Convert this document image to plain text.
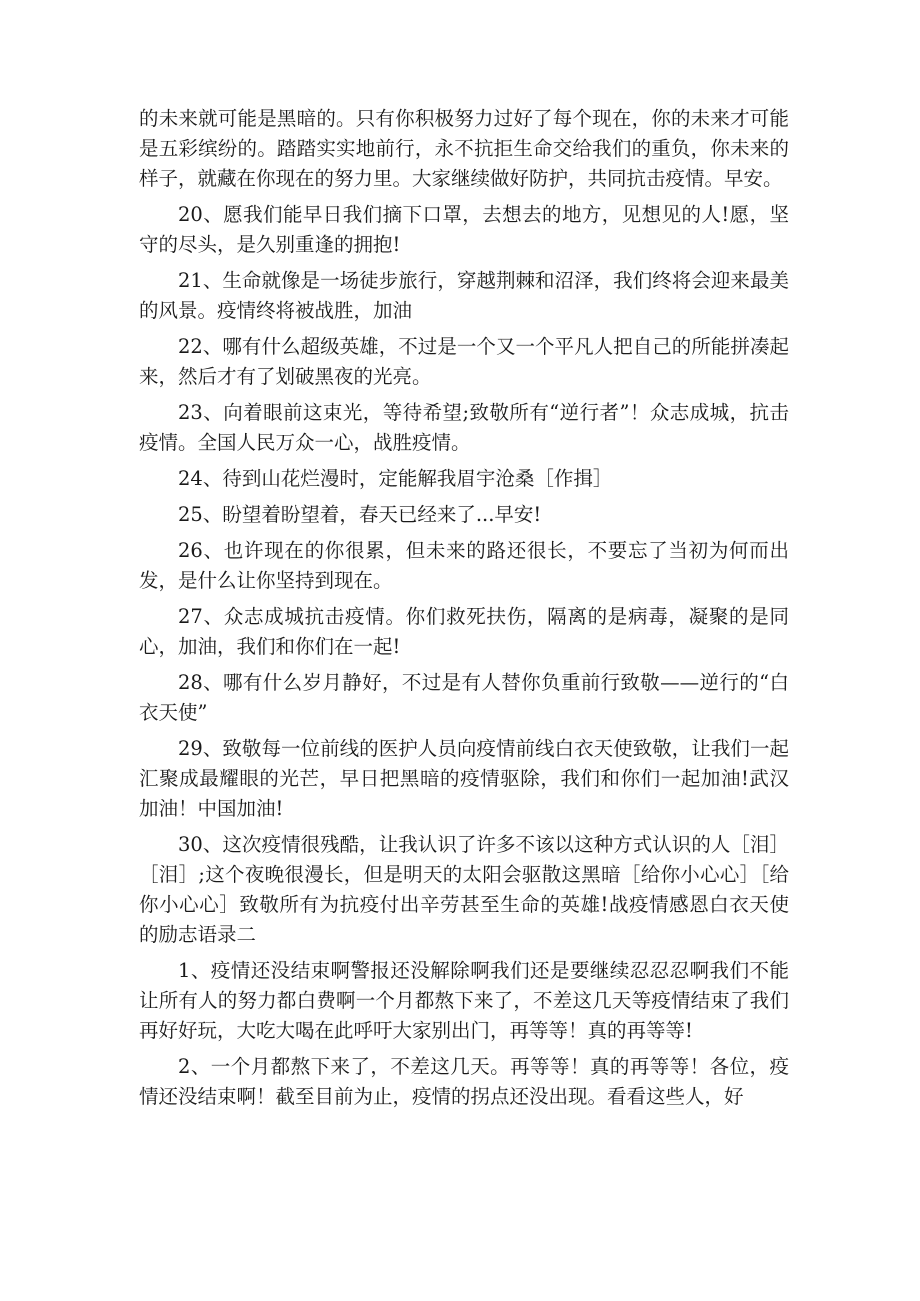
的未来就可能是黑暗的。只有你积极努力过好了每个现在，你的未来才可能是五彩缤纷的。踏踏实实地前行，永不抗拒生命交给我们的重负，你未来的样子，就藏在你现在的努力里。大家继续做好防护，共同抗击疫情。早安。

20、愿我们能早日我们摘下口罩，去想去的地方，见想见的人!愿，坚守的尽头，是久别重逢的拥抱!

21、生命就像是一场徒步旅行，穿越荆棘和沼泽，我们终将会迎来最美的风景。疫情终将被战胜，加油

22、哪有什么超级英雄，不过是一个又一个平凡人把自己的所能拼凑起来，然后才有了划破黑夜的光亮。

23、向着眼前这束光，等待希望;致敬所有“逆行者”！众志成城，抗击疫情。全国人民万众一心，战胜疫情。

24、待到山花烂漫时，定能解我眉宇沧桑［作揖］

25、盼望着盼望着，春天已经来了...早安!

26、也许现在的你很累，但未来的路还很长，不要忘了当初为何而出发，是什么让你坚持到现在。

27、众志成城抗击疫情。你们救死扶伤，隔离的是病毒，凝聚的是同心，加油，我们和你们在一起!

28、哪有什么岁月静好，不过是有人替你负重前行致敬——逆行的“白衣天使”

29、致敬每一位前线的医护人员向疫情前线白衣天使致敬，让我们一起汇聚成最耀眼的光芒，早日把黑暗的疫情驱除，我们和你们一起加油!武汉加油！中国加油!

30、这次疫情很残酷，让我认识了许多不该以这种方式认识的人［泪］［泪］;这个夜晚很漫长，但是明天的太阳会驱散这黑暗［给你小心心］［给你小心心］致敬所有为抗疫付出辛劳甚至生命的英雄!战疫情感恩白衣天使的励志语录二

1、疫情还没结束啊警报还没解除啊我们还是要继续忍忍忍啊我们不能让所有人的努力都白费啊一个月都熬下来了，不差这几天等疫情结束了我们再好好玩，大吃大喝在此呼吁大家别出门，再等等！真的再等等!

2、一个月都熬下来了，不差这几天。再等等！真的再等等！各位，疫情还没结束啊！截至目前为止，疫情的拐点还没出现。看看这些人，好
